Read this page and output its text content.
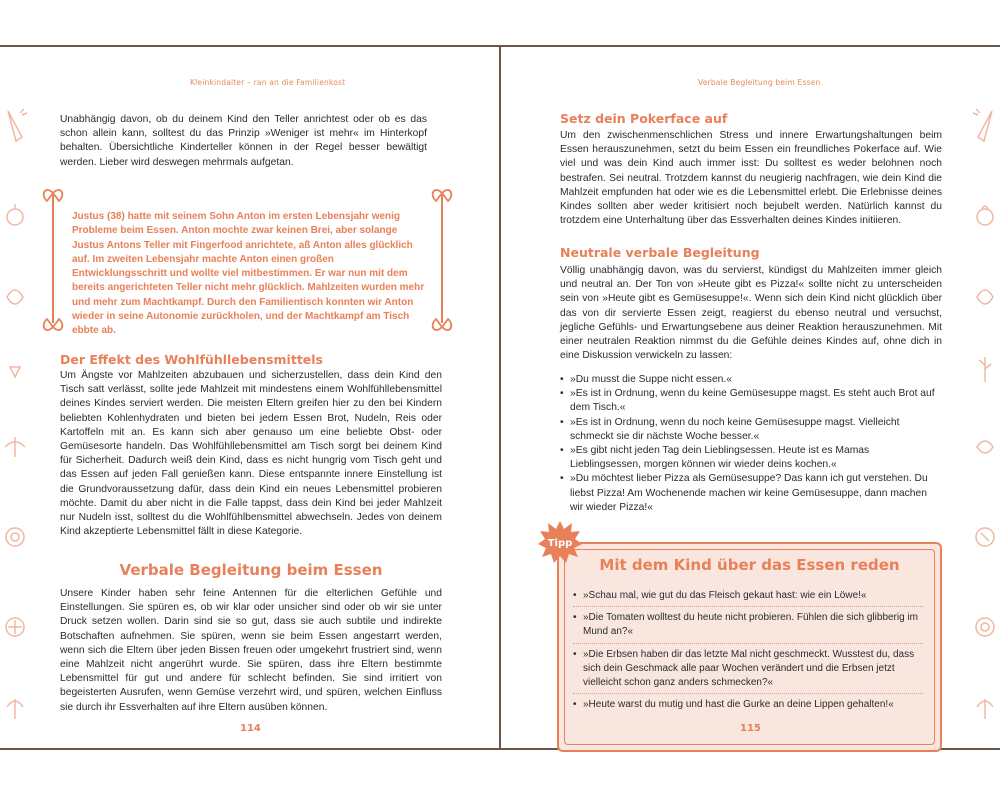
Kleinkindalter – ran an die Familienkost

Unabhängig davon, ob du deinem Kind den Teller anrichtest oder ob es das schon allein kann, solltest du das Prinzip »Weniger ist mehr« im Hinterkopf behalten. Übersichtliche Kinderteller können in der Regel besser bewältigt werden. Lieber wird deswegen mehrmals aufgetan.

Justus (38) hatte mit seinem Sohn Anton im ersten Lebensjahr wenig Probleme beim Essen. Anton mochte zwar keinen Brei, aber solange Justus Antons Teller mit Fingerfood anrichtete, aß Anton alles glücklich auf. Im zweiten Lebensjahr machte Anton einen großen Entwicklungsschritt und wollte viel mitbestimmen. Er war nun mit dem bereits angerichteten Teller nicht mehr glücklich. Mahlzeiten wurden mehr und mehr zum Machtkampf. Durch den Familientisch konnten wir Anton wieder in seine Autonomie zurückholen, und der Machtkampf am Tisch ebbte ab.

Der Effekt des Wohlfühllebensmittels

Um Ängste vor Mahlzeiten abzubauen und sicherzustellen, dass dein Kind den Tisch satt verlässt, sollte jede Mahlzeit mit mindestens einem Wohlfühllebensmittel deines Kindes serviert werden. Die meisten Eltern greifen hier zu den bei Kindern beliebten Kohlenhydraten und bieten bei jedem Essen Brot, Nudeln, Reis oder Kartoffeln mit an. Es kann sich aber genauso um eine beliebte Obst- oder Gemüsesorte handeln. Das Wohlfühllebensmittel am Tisch sorgt bei deinem Kind für Sicherheit. Dadurch weiß dein Kind, dass es nicht hungrig vom Tisch geht und das Essen auf jeden Fall genießen kann. Diese entspannte innere Einstellung ist die Grundvoraussetzung dafür, dass dein Kind ein neues Lebensmittel probieren möchte. Damit du aber nicht in die Falle tappst, dass dein Kind bei jeder Mahlzeit nur Nudeln isst, solltest du die Wohlfühlbensmittel abwechseln. Jedes von deinem Kind akzeptierte Lebensmittel fällt in diese Kategorie.

Verbale Begleitung beim Essen

Unsere Kinder haben sehr feine Antennen für die elterlichen Gefühle und Einstellungen. Sie spüren es, ob wir klar oder unsicher sind oder ob wir sie unter Druck setzen wollen. Darin sind sie so gut, dass sie auch subtile und indirekte Botschaften aufnehmen. Sie spüren, wenn sie beim Essen angestarrt werden, wenn sich die Eltern über jeden Bissen freuen oder umgekehrt frustriert sind, wenn eine Mahlzeit nicht angerührt wurde. Sie spüren, dass ihre Eltern bestimmte Lebensmittel für gut und andere für schlecht befinden. Sie sind irritiert von begeisterten Ausrufen, wenn Gemüse verzehrt wird, und spüren, welchen Einfluss sie durch ihr Essverhalten auf ihre Eltern ausüben können.

114
Verbale Begleitung beim Essen
Setz dein Pokerface auf

Um den zwischenmenschlichen Stress und innere Erwartungshaltungen beim Essen herauszunehmen, setzt du beim Essen ein freundliches Pokerface auf. Wie viel und was dein Kind auch immer isst: Du solltest es weder belohnen noch bestrafen. Sei neutral. Trotzdem kannst du neugierig nachfragen, wie dein Kind die Mahlzeit empfunden hat oder wie es die Lebensmittel erlebt. Die Erlebnisse deines Kindes sollten aber weder kritisiert noch bejubelt werden. Natürlich kannst du trotzdem eine Unterhaltung über das Essverhalten deines Kindes initiieren.

Neutrale verbale Begleitung

Völlig unabhängig davon, was du servierst, kündigst du Mahlzeiten immer gleich und neutral an. Der Ton von »Heute gibt es Pizza!« sollte nicht zu unterscheiden sein von »Heute gibt es Gemüsesuppe!«. Wenn sich dein Kind nicht glücklich über das von dir servierte Essen zeigt, reagierst du ebenso neutral und versuchst, jegliche Gefühls- und Erwartungsebene aus deiner Reaktion herauszunehmen. Mit einer neutralen Reaktion nimmst du die Gefühle deines Kindes auf, ohne dich in eine Diskussion verwickeln zu lassen:

• »Du musst die Suppe nicht essen.«
• »Es ist in Ordnung, wenn du keine Gemüsesuppe magst. Es steht auch Brot auf dem Tisch.«
• »Es ist in Ordnung, wenn du noch keine Gemüsesuppe magst. Vielleicht schmeckt sie dir nächste Woche besser.«
• »Es gibt nicht jeden Tag dein Lieblingsessen. Heute ist es Mamas Lieblingsessen, morgen können wir wieder deins kochen.«
• »Du möchtest lieber Pizza als Gemüsesuppe? Das kann ich gut verstehen. Du liebst Pizza! Am Wochenende machen wir keine Gemüsesuppe, dann machen wir wieder Pizza!«
Mit dem Kind über das Essen reden
• »Schau mal, wie gut du das Fleisch gekaut hast: wie ein Löwe!«
• »Die Tomaten wolltest du heute nicht probieren. Fühlen die sich glibberig im Mund an?«
• »Die Erbsen haben dir das letzte Mal nicht geschmeckt. Wusstest du, dass sich dein Geschmack alle paar Wochen verändert und die Erbsen jetzt vielleicht schon ganz anders schmecken?«
• »Heute warst du mutig und hast die Gurke an deine Lippen gehalten!«
Tipp
115
